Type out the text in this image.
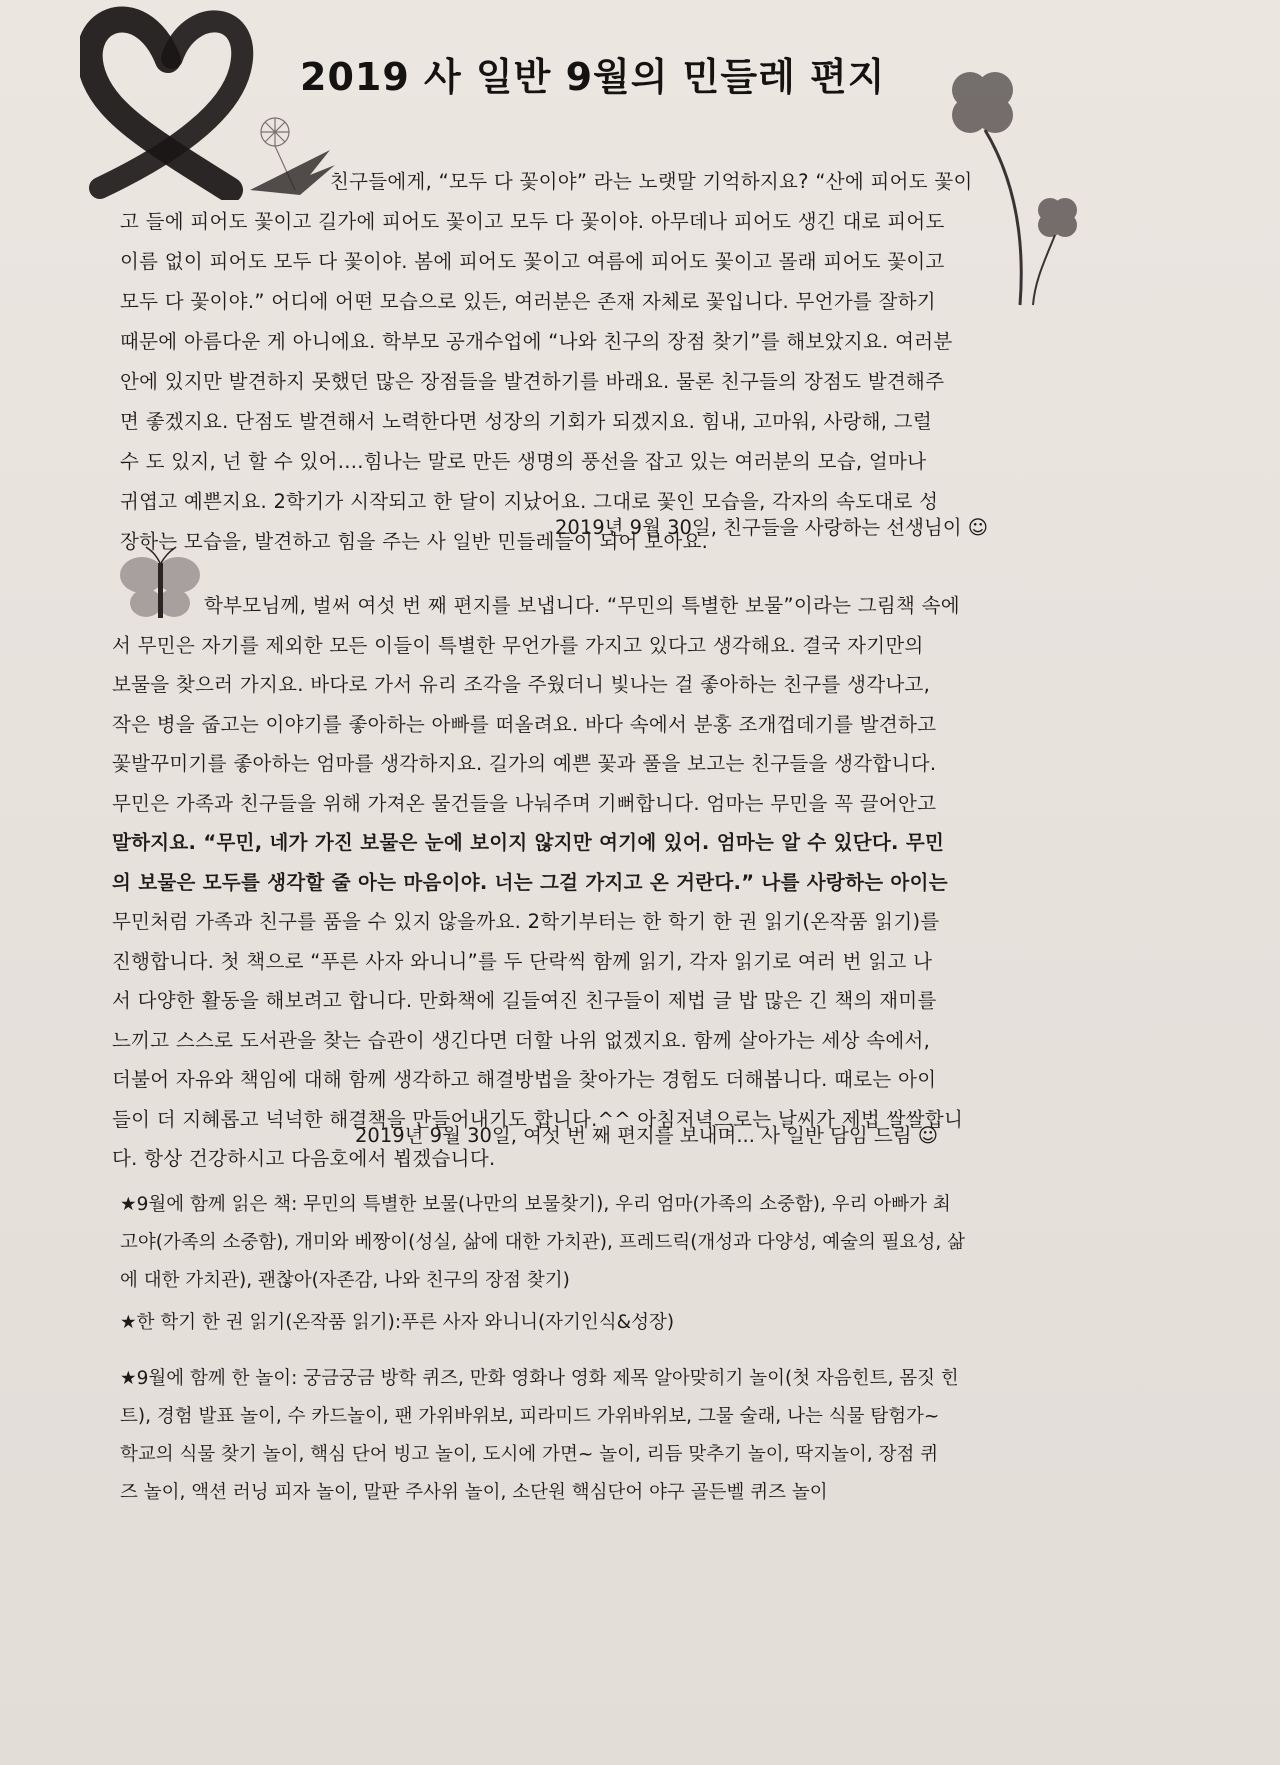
2019 사 일반 9월의 민들레 편지
친구들에게, “모두 다 꽃이야” 라는 노랫말 기억하지요? “산에 피어도 꽃이
고 들에 피어도 꽃이고 길가에 피어도 꽃이고 모두 다 꽃이야. 아무데나 피어도 생긴 대로 피어도
이름 없이 피어도 모두 다 꽃이야. 봄에 피어도 꽃이고 여름에 피어도 꽃이고 몰래 피어도 꽃이고
모두 다 꽃이야.” 어디에 어떤 모습으로 있든, 여러분은 존재 자체로 꽃입니다. 무언가를 잘하기
때문에 아름다운 게 아니에요. 학부모 공개수업에 “나와 친구의 장점 찾기”를 해보았지요. 여러분
안에 있지만 발견하지 못했던 많은 장점들을 발견하기를 바래요. 물론 친구들의 장점도 발견해주
면 좋겠지요. 단점도 발견해서 노력한다면 성장의 기회가 되겠지요. 힘내, 고마워, 사랑해, 그럴
수 도 있지, 넌 할 수 있어....힘나는 말로 만든 생명의 풍선을 잡고 있는 여러분의 모습, 얼마나
귀엽고 예쁜지요. 2학기가 시작되고 한 달이 지났어요. 그대로 꽃인 모습을, 각자의 속도대로 성
장하는 모습을, 발견하고 힘을 주는 사 일반 민들레들이 되어 보아요.
2019년 9월 30일, 친구들을 사랑하는 선생님이 ☺
학부모님께, 벌써 여섯 번 째 편지를 보냅니다. “무민의 특별한 보물”이라는 그림책 속에
서 무민은 자기를 제외한 모든 이들이 특별한 무언가를 가지고 있다고 생각해요. 결국 자기만의
보물을 찾으러 가지요. 바다로 가서 유리 조각을 주웠더니 빛나는 걸 좋아하는 친구를 생각나고,
작은 병을 줍고는 이야기를 좋아하는 아빠를 떠올려요. 바다 속에서 분홍 조개껍데기를 발견하고
꽃발꾸미기를 좋아하는 엄마를 생각하지요. 길가의 예쁜 꽃과 풀을 보고는 친구들을 생각합니다.
무민은 가족과 친구들을 위해 가져온 물건들을 나눠주며 기뻐합니다. 엄마는 무민을 꼭 끌어안고
말하지요. “무민, 네가 가진 보물은 눈에 보이지 않지만 여기에 있어. 엄마는 알 수 있단다. 무민
의 보물은 모두를 생각할 줄 아는 마음이야. 너는 그걸 가지고 온 거란다.” 나를 사랑하는 아이는
무민처럼 가족과 친구를 품을 수 있지 않을까요. 2학기부터는 한 학기 한 권 읽기(온작품 읽기)를
진행합니다. 첫 책으로 “푸른 사자 와니니”를 두 단락씩 함께 읽기, 각자 읽기로 여러 번 읽고 나
서 다양한 활동을 해보려고 합니다. 만화책에 길들여진 친구들이 제법 글 밥 많은 긴 책의 재미를
느끼고 스스로 도서관을 찾는 습관이 생긴다면 더할 나위 없겠지요. 함께 살아가는 세상 속에서,
더불어 자유와 책임에 대해 함께 생각하고 해결방법을 찾아가는 경험도 더해봅니다. 때로는 아이
들이 더 지혜롭고 넉넉한 해결책을 만들어내기도 합니다.^^ 아침저녁으로는 날씨가 제법 쌀쌀합니
다. 항상 건강하시고 다음호에서 뵙겠습니다.
2019년 9월 30일, 여섯 번 째 편지를 보내며... 사 일반 담임 드림 ☺
★9월에 함께 읽은 책: 무민의 특별한 보물(나만의 보물찾기), 우리 엄마(가족의 소중함), 우리 아빠가 최
고야(가족의 소중함), 개미와 베짱이(성실, 삶에 대한 가치관), 프레드릭(개성과 다양성, 예술의 필요성, 삶
에 대한 가치관), 괜찮아(자존감, 나와 친구의 장점 찾기)
★한 학기 한 권 읽기(온작품 읽기):푸른 사자 와니니(자기인식&성장)
★9월에 함께 한 놀이: 궁금궁금 방학 퀴즈, 만화 영화나 영화 제목 알아맞히기 놀이(첫 자음힌트, 몸짓 힌
트), 경험 발표 놀이, 수 카드놀이, 팬 가위바위보, 피라미드 가위바위보, 그물 술래, 나는 식물 탐험가~
학교의 식물 찾기 놀이, 핵심 단어 빙고 놀이, 도시에 가면~ 놀이, 리듬 맞추기 놀이, 딱지놀이, 장점 퀴
즈 놀이, 액션 러닝 피자 놀이, 말판 주사위 놀이, 소단원 핵심단어 야구 골든벨 퀴즈 놀이
